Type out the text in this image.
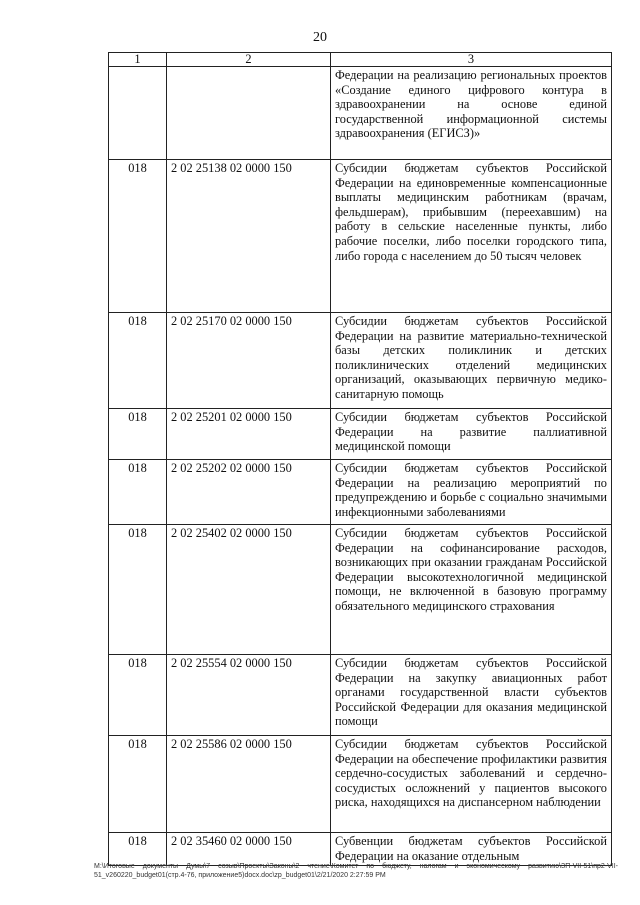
20
1	2	3
		Федерации на реализацию региональных проектов «Создание единого цифрового контура в здравоохранении на основе единой государственной информационной системы здравоохранения (ЕГИСЗ)»
018	2 02 25138 02 0000 150	Субсидии бюджетам субъектов Российской Федерации на единовременные компенсационные выплаты медицинским работникам (врачам, фельдшерам), прибывшим (переехавшим) на работу в сельские населенные пункты, либо рабочие поселки, либо поселки городского типа, либо города с населением до 50 тысяч человек
018	2 02 25170 02 0000 150	Субсидии бюджетам субъектов Российской Федерации на развитие материально-технической базы детских поликлиник и детских поликлинических отделений медицинских организаций, оказывающих первичную медико-санитарную помощь
018	2 02 25201 02 0000 150	Субсидии бюджетам субъектов Российской Федерации на развитие паллиативной медицинской помощи
018	2 02 25202 02 0000 150	Субсидии бюджетам субъектов Российской Федерации на реализацию мероприятий по предупреждению и борьбе с социально значимыми инфекционными заболеваниями
018	2 02 25402 02 0000 150	Субсидии бюджетам субъектов Российской Федерации на софинансирование расходов, возникающих при оказании гражданам Российской Федерации высокотехнологичной медицинской помощи, не включенной в базовую программу обязательного медицинского страхования
018	2 02 25554 02 0000 150	Субсидии бюджетам субъектов Российской Федерации на закупку авиационных работ органами государственной власти субъектов Российской Федерации для оказания медицинской помощи
018	2 02 25586 02 0000 150	Субсидии бюджетам субъектов Российской Федерации на обеспечение профилактики развития сердечно-сосудистых заболеваний и сердечно-сосудистых осложнений у пациентов высокого риска, находящихся на диспансерном наблюдении
018	2 02 35460 02 0000 150	Субвенции бюджетам субъектов Российской Федерации на оказание отдельным
M:\Итоговые документы Думы\7 созыв\Проекты\Законы\2 чтение\Комитет по бюджету, налогам и экономическому развитию\ЗП-VII-51\пр2-VII-51_v260220_budget01(стр.4-76, приложение5)docx.doc\zp_budget01\2/21/2020 2:27:59 PM
